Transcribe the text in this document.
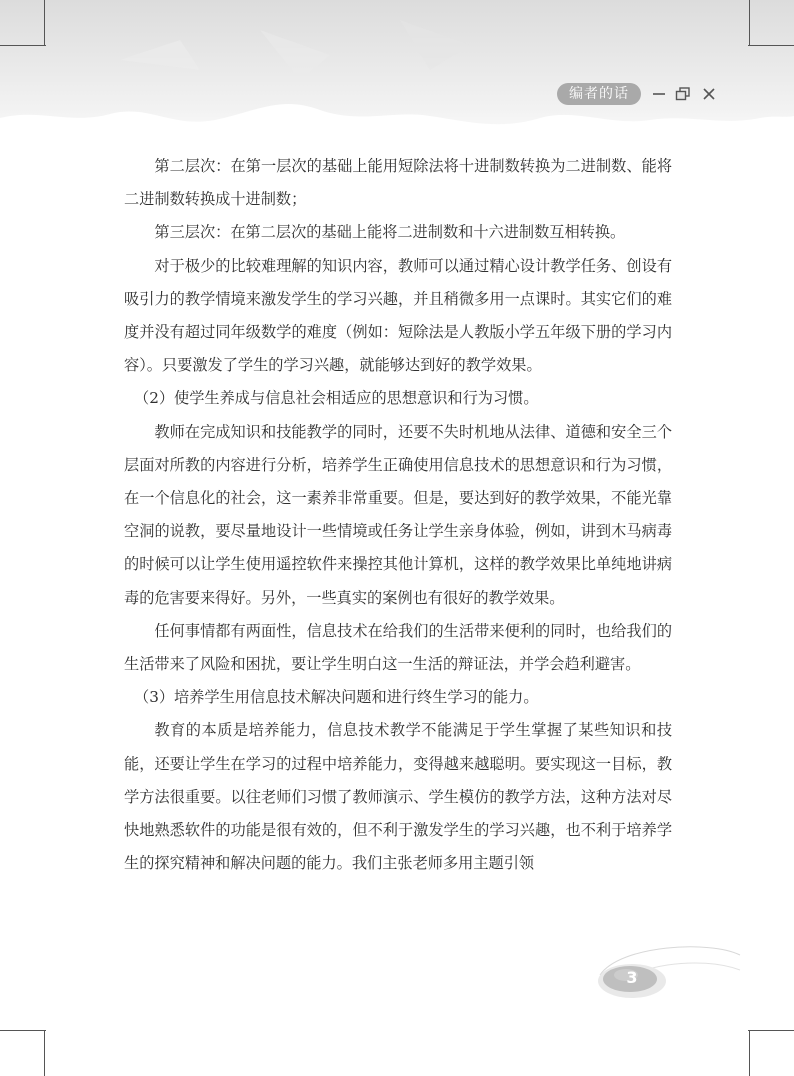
编者的话

第二层次：在第一层次的基础上能用短除法将十进制数转换为二进制数、能将二进制数转换成十进制数；

第三层次：在第二层次的基础上能将二进制数和十六进制数互相转换。

对于极少的比较难理解的知识内容，教师可以通过精心设计教学任务、创设有吸引力的教学情境来激发学生的学习兴趣，并且稍微多用一点课时。其实它们的难度并没有超过同年级数学的难度（例如：短除法是人教版小学五年级下册的学习内容）。只要激发了学生的学习兴趣，就能够达到好的教学效果。

（2）使学生养成与信息社会相适应的思想意识和行为习惯。

教师在完成知识和技能教学的同时，还要不失时机地从法律、道德和安全三个层面对所教的内容进行分析，培养学生正确使用信息技术的思想意识和行为习惯，在一个信息化的社会，这一素养非常重要。但是，要达到好的教学效果，不能光靠空洞的说教，要尽量地设计一些情境或任务让学生亲身体验，例如，讲到木马病毒的时候可以让学生使用遥控软件来操控其他计算机，这样的教学效果比单纯地讲病毒的危害要来得好。另外，一些真实的案例也有很好的教学效果。

任何事情都有两面性，信息技术在给我们的生活带来便利的同时，也给我们的生活带来了风险和困扰，要让学生明白这一生活的辩证法，并学会趋利避害。

（3）培养学生用信息技术解决问题和进行终生学习的能力。

教育的本质是培养能力，信息技术教学不能满足于学生掌握了某些知识和技能，还要让学生在学习的过程中培养能力，变得越来越聪明。要实现这一目标，教学方法很重要。以往老师们习惯了教师演示、学生模仿的教学方法，这种方法对尽快地熟悉软件的功能是很有效的，但不利于激发学生的学习兴趣，也不利于培养学生的探究精神和解决问题的能力。我们主张老师多用主题引领

3
